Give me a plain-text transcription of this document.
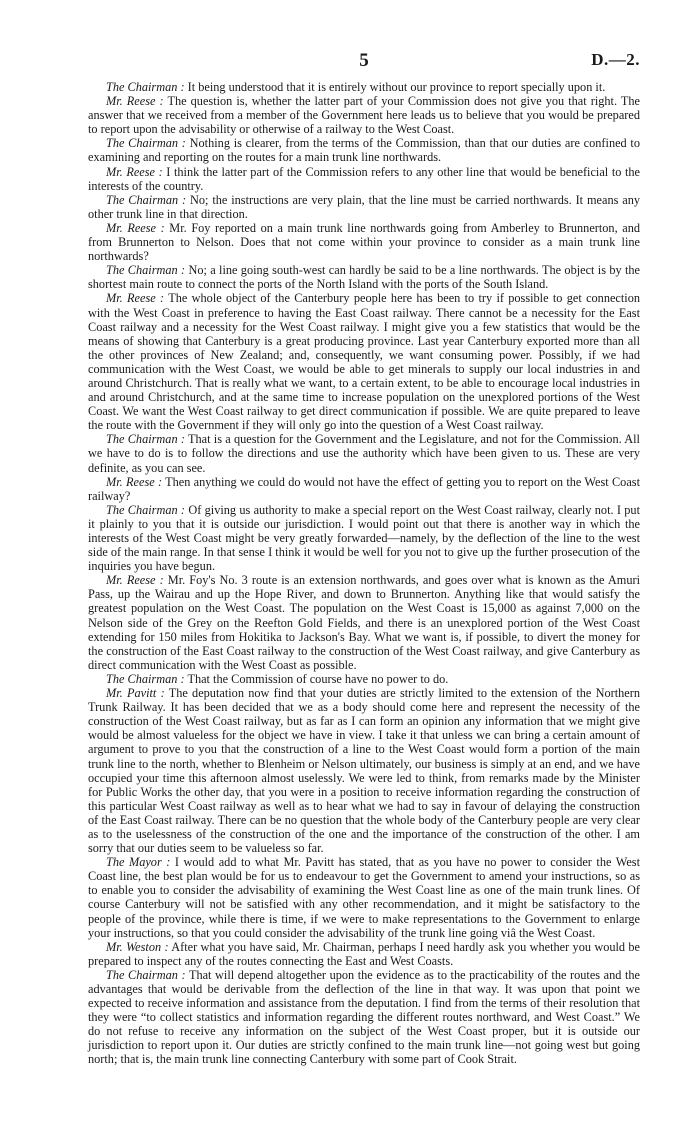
5	D.—2.

The Chairman : It being understood that it is entirely without our province to report specially upon it.

Mr. Reese : The question is, whether the latter part of your Commission does not give you that right. The answer that we received from a member of the Government here leads us to believe that you would be prepared to report upon the advisability or otherwise of a railway to the West Coast.

The Chairman : Nothing is clearer, from the terms of the Commission, than that our duties are confined to examining and reporting on the routes for a main trunk line northwards.

Mr. Reese : I think the latter part of the Commission refers to any other line that would be beneficial to the interests of the country.

The Chairman : No; the instructions are very plain, that the line must be carried northwards. It means any other trunk line in that direction.

Mr. Reese : Mr. Foy reported on a main trunk line northwards going from Amberley to Brunnerton, and from Brunnerton to Nelson. Does that not come within your province to consider as a main trunk line northwards?

The Chairman : No; a line going south-west can hardly be said to be a line northwards. The object is by the shortest main route to connect the ports of the North Island with the ports of the South Island.

Mr. Reese : The whole object of the Canterbury people here has been to try if possible to get connection with the West Coast in preference to having the East Coast railway. There cannot be a necessity for the East Coast railway and a necessity for the West Coast railway. I might give you a few statistics that would be the means of showing that Canterbury is a great producing province. Last year Canterbury exported more than all the other provinces of New Zealand; and, consequently, we want consuming power. Possibly, if we had communication with the West Coast, we would be able to get minerals to supply our local industries in and around Christchurch. That is really what we want, to a certain extent, to be able to encourage local industries in and around Christchurch, and at the same time to increase population on the unexplored portions of the West Coast. We want the West Coast railway to get direct communication if possible. We are quite prepared to leave the route with the Government if they will only go into the question of a West Coast railway.

The Chairman : That is a question for the Government and the Legislature, and not for the Commission. All we have to do is to follow the directions and use the authority which have been given to us. These are very definite, as you can see.

Mr. Reese : Then anything we could do would not have the effect of getting you to report on the West Coast railway?

The Chairman : Of giving us authority to make a special report on the West Coast railway, clearly not. I put it plainly to you that it is outside our jurisdiction. I would point out that there is another way in which the interests of the West Coast might be very greatly forwarded—namely, by the deflection of the line to the west side of the main range. In that sense I think it would be well for you not to give up the further prosecution of the inquiries you have begun.

Mr. Reese : Mr. Foy's No. 3 route is an extension northwards, and goes over what is known as the Amuri Pass, up the Wairau and up the Hope River, and down to Brunnerton. Anything like that would satisfy the greatest population on the West Coast. The population on the West Coast is 15,000 as against 7,000 on the Nelson side of the Grey on the Reefton Gold Fields, and there is an unexplored portion of the West Coast extending for 150 miles from Hokitika to Jackson's Bay. What we want is, if possible, to divert the money for the construction of the East Coast railway to the construction of the West Coast railway, and give Canterbury as direct communication with the West Coast as possible.

The Chairman : That the Commission of course have no power to do.

Mr. Pavitt : The deputation now find that your duties are strictly limited to the extension of the Northern Trunk Railway. It has been decided that we as a body should come here and represent the necessity of the construction of the West Coast railway, but as far as I can form an opinion any information that we might give would be almost valueless for the object we have in view. I take it that unless we can bring a certain amount of argument to prove to you that the construction of a line to the West Coast would form a portion of the main trunk line to the north, whether to Blenheim or Nelson ultimately, our business is simply at an end, and we have occupied your time this afternoon almost uselessly. We were led to think, from remarks made by the Minister for Public Works the other day, that you were in a position to receive information regarding the construction of this particular West Coast railway as well as to hear what we had to say in favour of delaying the construction of the East Coast railway. There can be no question that the whole body of the Canterbury people are very clear as to the uselessness of the construction of the one and the importance of the construction of the other. I am sorry that our duties seem to be valueless so far.

The Mayor : I would add to what Mr. Pavitt has stated, that as you have no power to consider the West Coast line, the best plan would be for us to endeavour to get the Government to amend your instructions, so as to enable you to consider the advisability of examining the West Coast line as one of the main trunk lines. Of course Canterbury will not be satisfied with any other recommendation, and it might be satisfactory to the people of the province, while there is time, if we were to make representations to the Government to enlarge your instructions, so that you could consider the advisability of the trunk line going viâ the West Coast.

Mr. Weston : After what you have said, Mr. Chairman, perhaps I need hardly ask you whether you would be prepared to inspect any of the routes connecting the East and West Coasts.

The Chairman : That will depend altogether upon the evidence as to the practicability of the routes and the advantages that would be derivable from the deflection of the line in that way. It was upon that point we expected to receive information and assistance from the deputation. I find from the terms of their resolution that they were “to collect statistics and information regarding the different routes northward, and West Coast.” We do not refuse to receive any information on the subject of the West Coast proper, but it is outside our jurisdiction to report upon it. Our duties are strictly confined to the main trunk line—not going west but going north; that is, the main trunk line connecting Canterbury with some part of Cook Strait.
